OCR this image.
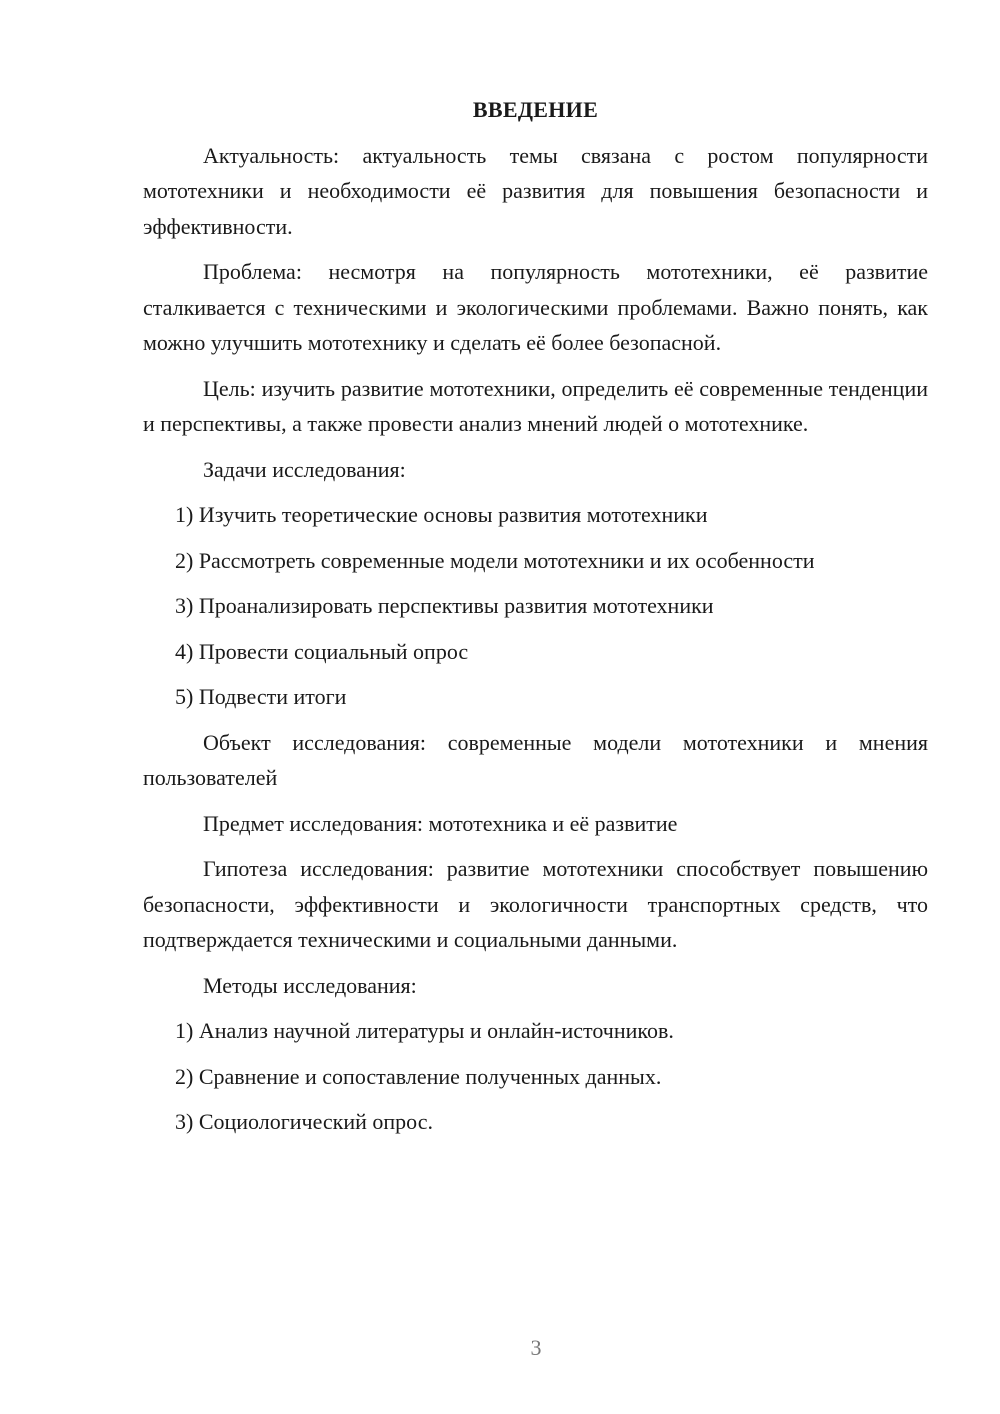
ВВЕДЕНИЕ

Актуальность: актуальность темы связана с ростом популярности мототехники и необходимости её развития для повышения безопасности и эффективности.

Проблема: несмотря на популярность мототехники, её развитие сталкивается с техническими и экологическими проблемами. Важно понять, как можно улучшить мототехнику и сделать её более безопасной.

Цель: изучить развитие мототехники, определить её современные тенденции и перспективы, а также провести анализ мнений людей о мототехнике.

Задачи исследования:

1) Изучить теоретические основы развития мототехники
2) Рассмотреть современные модели мототехники и их особенности
3) Проанализировать перспективы развития мототехники
4) Провести социальный опрос
5) Подвести итоги

Объект исследования: современные модели мототехники и мнения пользователей

Предмет исследования: мототехника и её развитие

Гипотеза исследования: развитие мототехники способствует повышению безопасности, эффективности и экологичности транспортных средств, что подтверждается техническими и социальными данными.

Методы исследования:

1) Анализ научной литературы и онлайн-источников.
2) Сравнение и сопоставление полученных данных.
3) Социологический опрос.
3
